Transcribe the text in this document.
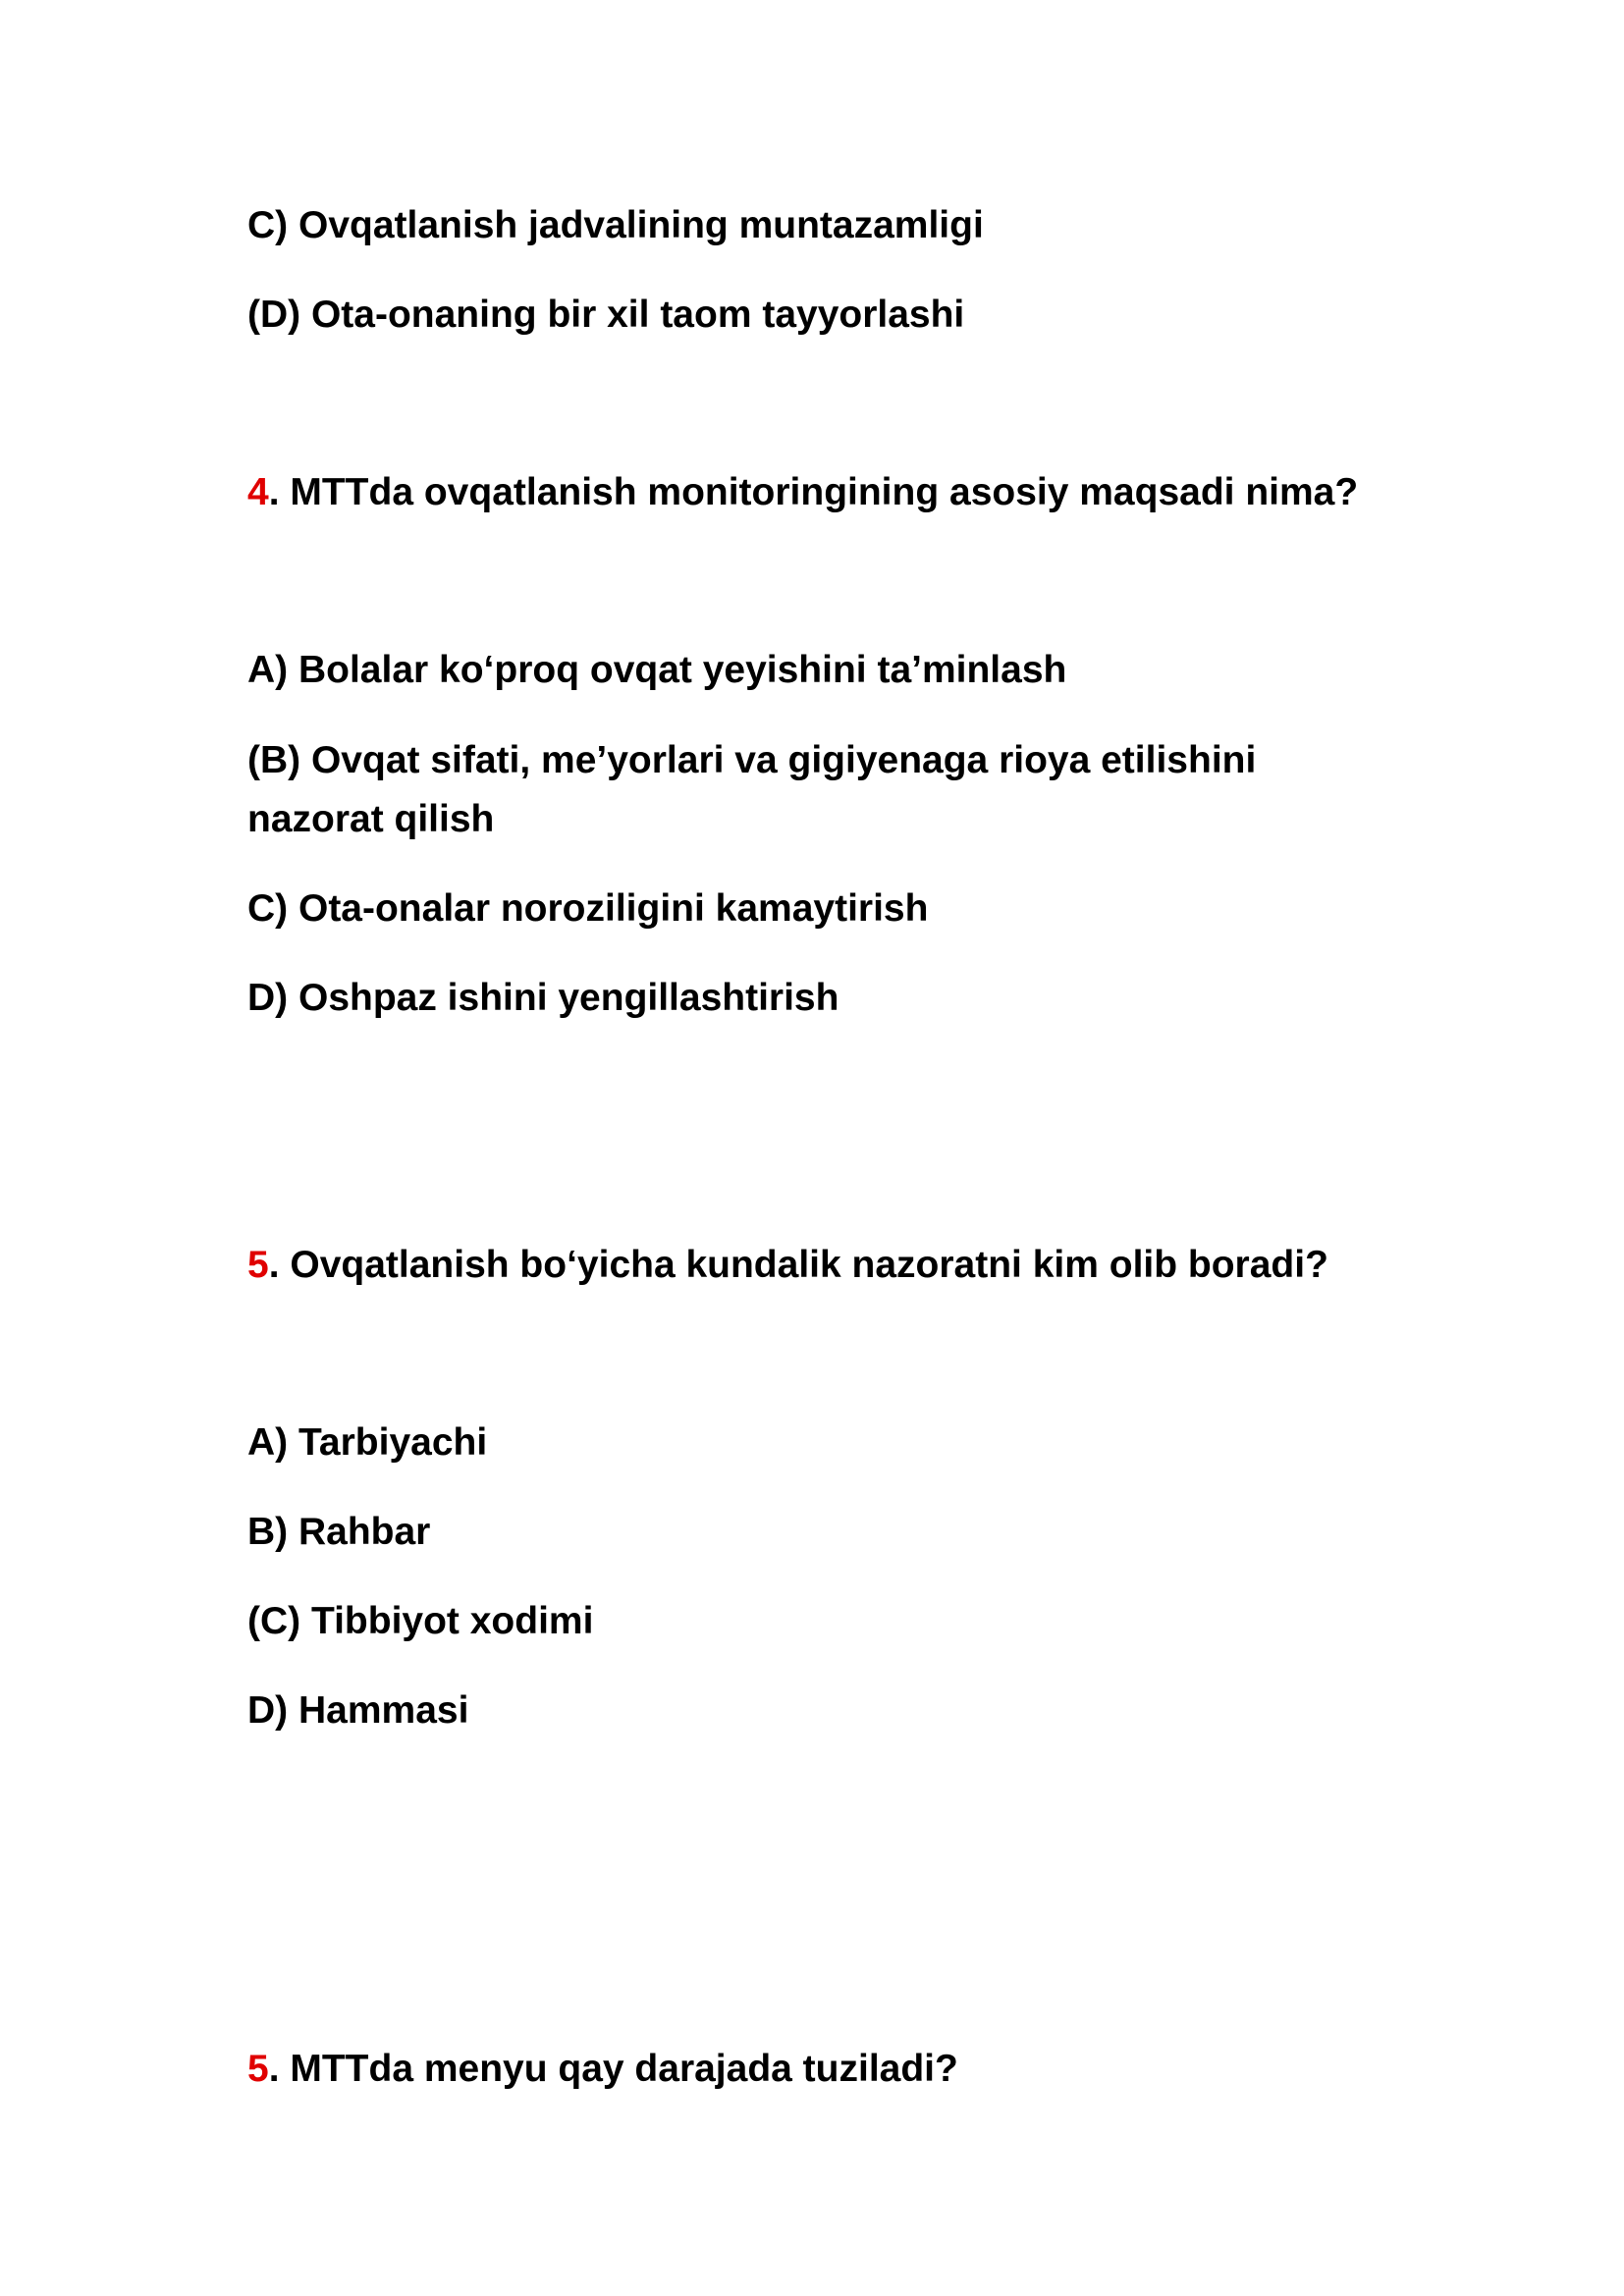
C) Ovqatlanish jadvalining muntazamligi

(D) Ota-onaning bir xil taom tayyorlashi

4. MTTda ovqatlanish monitoringining asosiy maqsadi nima?

A) Bolalar ko‘proq ovqat yeyishini ta’minlash

(B) Ovqat sifati, me’yorlari va gigiyenaga rioya etilishini

nazorat qilish

C) Ota-onalar noroziligini kamaytirish

D) Oshpaz ishini yengillashtirish

5. Ovqatlanish bo‘yicha kundalik nazoratni kim olib boradi?

A) Tarbiyachi

B) Rahbar

(C) Tibbiyot xodimi

D) Hammasi

5. MTTda menyu qay darajada tuziladi?
